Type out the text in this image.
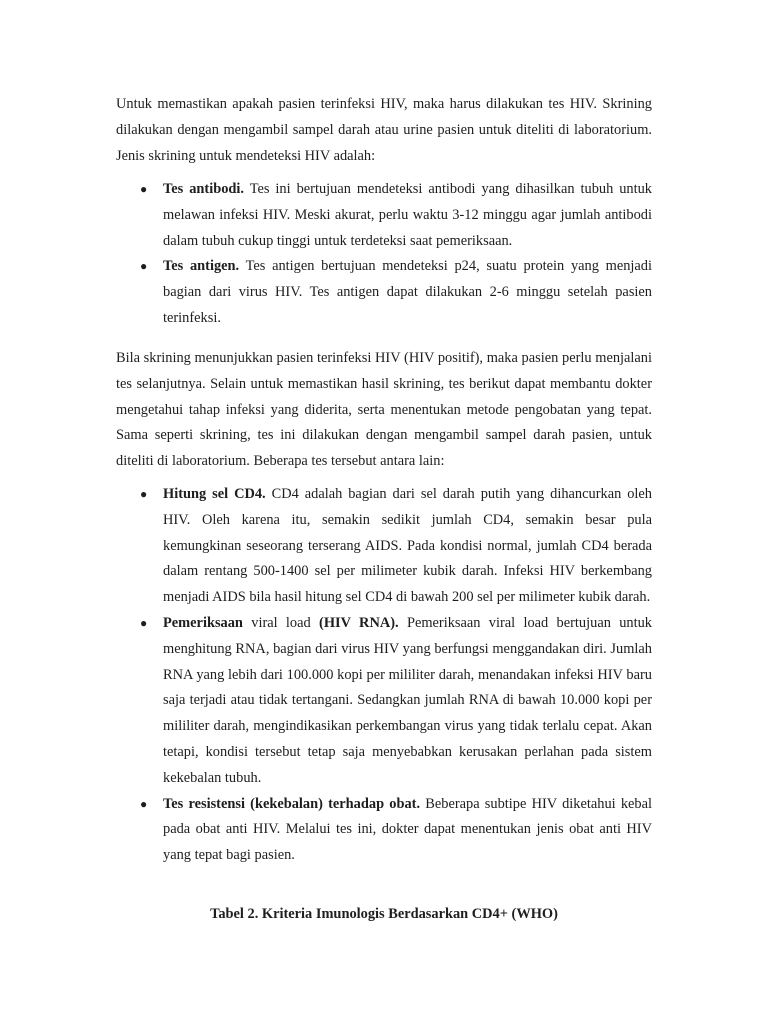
Untuk memastikan apakah pasien terinfeksi HIV, maka harus dilakukan tes HIV. Skrining dilakukan dengan mengambil sampel darah atau urine pasien untuk diteliti di laboratorium. Jenis skrining untuk mendeteksi HIV adalah:

● Tes antibodi. Tes ini bertujuan mendeteksi antibodi yang dihasilkan tubuh untuk melawan infeksi HIV. Meski akurat, perlu waktu 3-12 minggu agar jumlah antibodi dalam tubuh cukup tinggi untuk terdeteksi saat pemeriksaan.
● Tes antigen. Tes antigen bertujuan mendeteksi p24, suatu protein yang menjadi bagian dari virus HIV. Tes antigen dapat dilakukan 2-6 minggu setelah pasien terinfeksi.

Bila skrining menunjukkan pasien terinfeksi HIV (HIV positif), maka pasien perlu menjalani tes selanjutnya. Selain untuk memastikan hasil skrining, tes berikut dapat membantu dokter mengetahui tahap infeksi yang diderita, serta menentukan metode pengobatan yang tepat. Sama seperti skrining, tes ini dilakukan dengan mengambil sampel darah pasien, untuk diteliti di laboratorium. Beberapa tes tersebut antara lain:

● Hitung sel CD4. CD4 adalah bagian dari sel darah putih yang dihancurkan oleh HIV. Oleh karena itu, semakin sedikit jumlah CD4, semakin besar pula kemungkinan seseorang terserang AIDS. Pada kondisi normal, jumlah CD4 berada dalam rentang 500-1400 sel per milimeter kubik darah. Infeksi HIV berkembang menjadi AIDS bila hasil hitung sel CD4 di bawah 200 sel per milimeter kubik darah.
● Pemeriksaan viral load (HIV RNA). Pemeriksaan viral load bertujuan untuk menghitung RNA, bagian dari virus HIV yang berfungsi menggandakan diri. Jumlah RNA yang lebih dari 100.000 kopi per mililiter darah, menandakan infeksi HIV baru saja terjadi atau tidak tertangani. Sedangkan jumlah RNA di bawah 10.000 kopi per mililiter darah, mengindikasikan perkembangan virus yang tidak terlalu cepat. Akan tetapi, kondisi tersebut tetap saja menyebabkan kerusakan perlahan pada sistem kekebalan tubuh.
● Tes resistensi (kekebalan) terhadap obat. Beberapa subtipe HIV diketahui kebal pada obat anti HIV. Melalui tes ini, dokter dapat menentukan jenis obat anti HIV yang tepat bagi pasien.

Tabel 2. Kriteria Imunologis Berdasarkan CD4+ (WHO)
